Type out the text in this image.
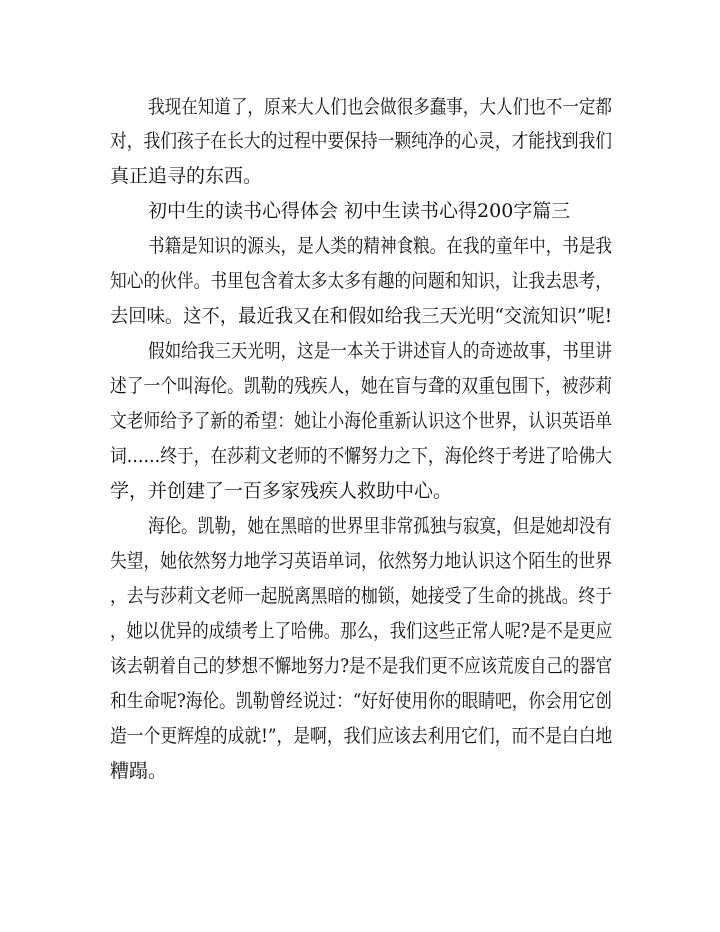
我现在知道了，原来大人们也会做很多蠢事，大人们也不一定都
对，我们孩子在长大的过程中要保持一颗纯净的心灵，才能找到我们
真正追寻的东西。
初中生的读书心得体会 初中生读书心得200字篇三
书籍是知识的源头，是人类的精神食粮。在我的童年中，书是我
知心的伙伴。书里包含着太多太多有趣的问题和知识，让我去思考，
去回味。这不，最近我又在和假如给我三天光明“交流知识”呢!
假如给我三天光明，这是一本关于讲述盲人的奇迹故事，书里讲
述了一个叫海伦。凯勒的残疾人，她在盲与聋的双重包围下，被莎莉
文老师给予了新的希望：她让小海伦重新认识这个世界，认识英语单
词……终于，在莎莉文老师的不懈努力之下，海伦终于考进了哈佛大
学，并创建了一百多家残疾人救助中心。
海伦。凯勒，她在黑暗的世界里非常孤独与寂寞，但是她却没有
失望，她依然努力地学习英语单词，依然努力地认识这个陌生的世界
，去与莎莉文老师一起脱离黑暗的枷锁，她接受了生命的挑战。终于
，她以优异的成绩考上了哈佛。那么，我们这些正常人呢?是不是更应
该去朝着自己的梦想不懈地努力?是不是我们更不应该荒废自己的器官
和生命呢?海伦。凯勒曾经说过：“好好使用你的眼睛吧，你会用它创
造一个更辉煌的成就!”，是啊，我们应该去利用它们，而不是白白地
糟蹋。
